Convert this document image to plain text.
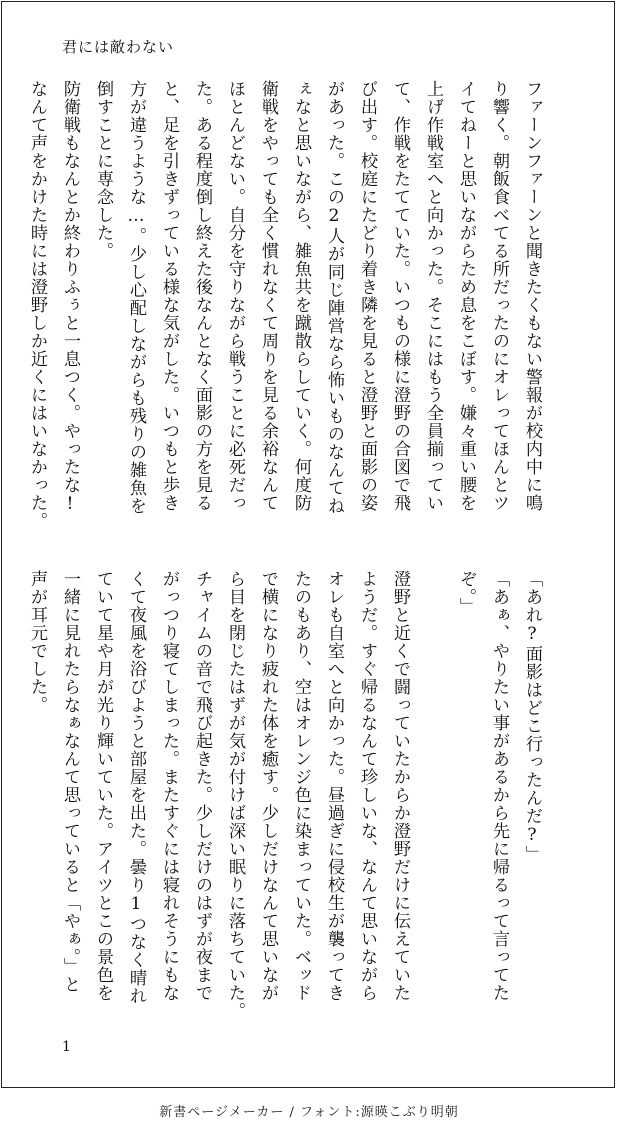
君には敵わない
ファーンファーンと聞きたくもない警報が校内中に鳴
り響く。朝飯食べてる所だったのにオレってほんとツ
イてねーと思いながらため息をこぼす。嫌々重い腰を
上げ作戦室へと向かった。そこにはもう全員揃ってい
て、作戦をたてていた。いつもの様に澄野の合図で飛
び出す。校庭にたどり着き隣を見ると澄野と面影の姿
があった。この2人が同じ陣営なら怖いものなんてね
ぇなと思いながら、雑魚共を蹴散らしていく。何度防
衛戦をやっても全く慣れなくて周りを見る余裕なんて
ほとんどない。自分を守りながら戦うことに必死だっ
た。ある程度倒し終えた後なんとなく面影の方を見る
と、足を引きずっている様な気がした。いつもと歩き
方が違うような…。少し心配しながらも残りの雑魚を
倒すことに専念した。
防衛戦もなんとか終わりふぅと一息つく。やったな!
なんて声をかけた時には澄野しか近くにはいなかった。
「あれ?面影はどこ行ったんだ?」
「あぁ、やりたい事があるから先に帰るって言ってた
ぞ。」

澄野と近くで闘っていたからか澄野だけに伝えていた
ようだ。すぐ帰るなんて珍しいな、なんて思いながら
オレも自室へと向かった。昼過ぎに侵校生が襲ってき
たのもあり、空はオレンジ色に染まっていた。ベッド
で横になり疲れた体を癒す。少しだけなんて思いなが
ら目を閉じたはずが気が付けば深い眠りに落ちていた。
チャイムの音で飛び起きた。少しだけのはずが夜まで
がっつり寝てしまった。またすぐには寝れそうにもな
くて夜風を浴びようと部屋を出た。曇り1つなく晴れ
ていて星や月が光り輝いていた。アイツとこの景色を
一緒に見れたらなぁなんて思っていると「やぁ。」と
声が耳元でした。
1
新書ページメーカー / フォント:源暎こぶり明朝
